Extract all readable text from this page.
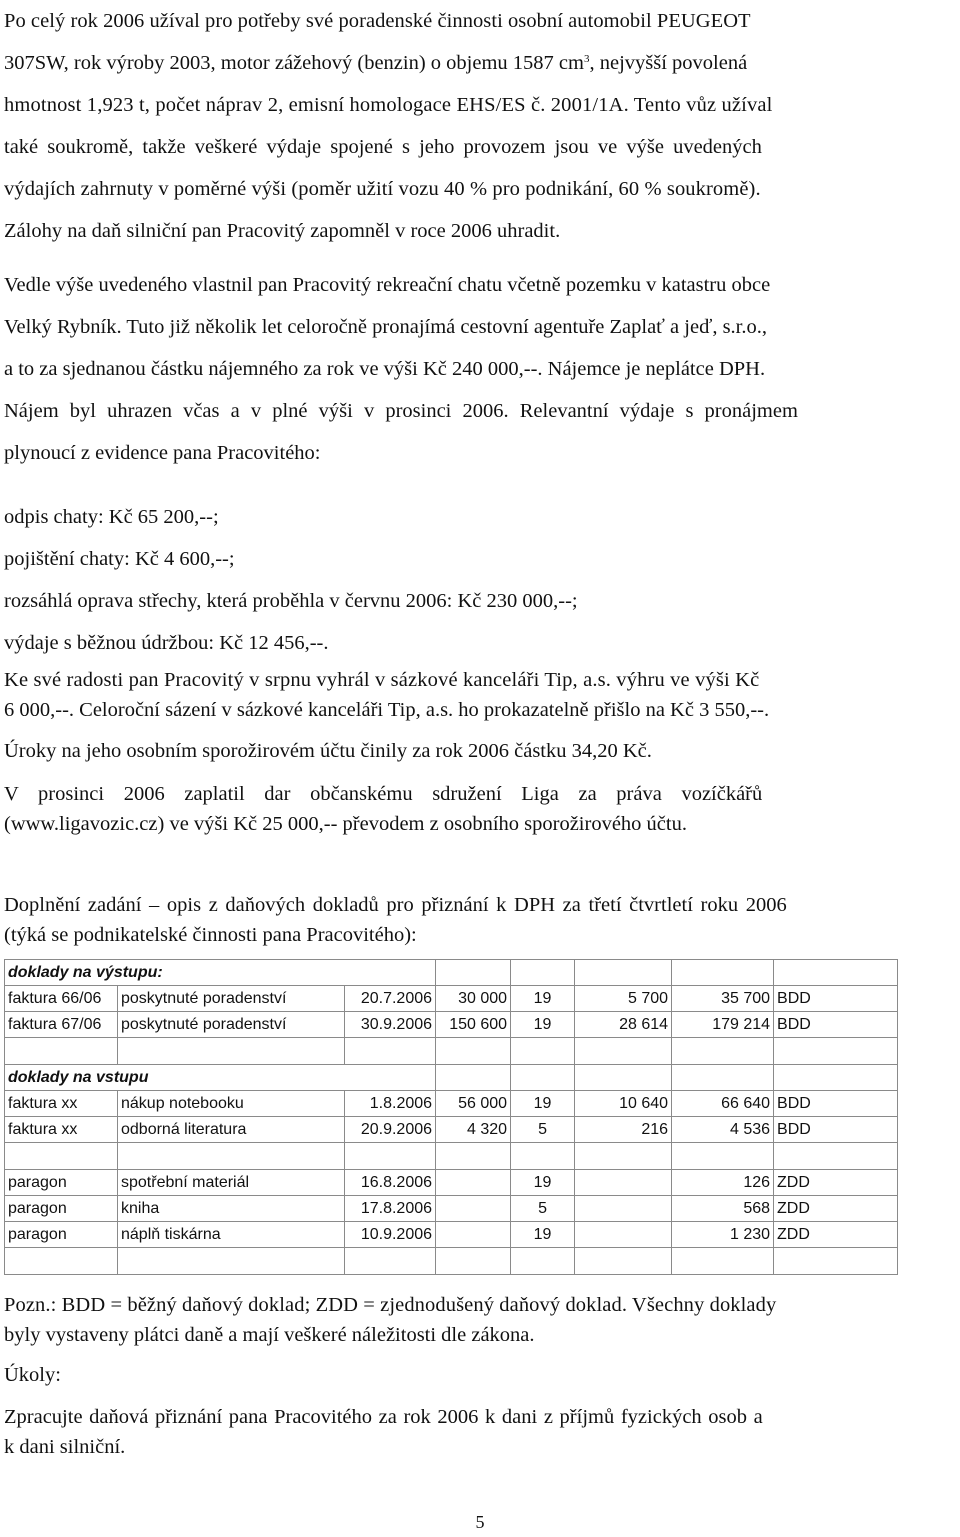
Po celý rok 2006 užíval pro potřeby své poradenské činnosti osobní automobil PEUGEOT

307SW, rok výroby 2003, motor zážehový (benzin) o objemu 1587 $cm^3$, nejvyšší povolená

hmotnost 1,923 t, počet náprav 2, emisní homologace EHS/ES č. 2001/1A. Tento vůz užíval

také soukromě, takže veškeré výdaje spojené s jeho provozem jsou ve výše uvedených

výdajích zahrnuty v poměrné výši (poměr užití vozu 40 % pro podnikání, 60 % soukromě).

Zálohy na daň silniční pan Pracovitý zapomněl v roce 2006 uhradit.

Vedle výše uvedeného vlastnil pan Pracovitý rekreační chatu včetně pozemku v katastru obce

Velký Rybník. Tuto již několik let celoročně pronajímá cestovní agentuře Zaplať a jeď, s.r.o.,

a to za sjednanou částku nájemného za rok ve výši Kč 240 000,--. Nájemce je neplátce DPH.

Nájem byl uhrazen včas a v plné výši v prosinci 2006. Relevantní výdaje s pronájmem

plynoucí z evidence pana Pracovitého:

odpis chaty: Kč 65 200,--;

pojištění chaty: Kč 4 600,--;

rozsáhlá oprava střechy, která proběhla v červnu 2006: Kč 230 000,--;

výdaje s běžnou údržbou: Kč 12 456,--.

Ke své radosti pan Pracovitý v srpnu vyhrál v sázkové kanceláři Tip, a.s. výhru ve výši Kč

6 000,--. Celoroční sázení v sázkové kanceláři Tip, a.s. ho prokazatelně přišlo na Kč 3 550,--.

Úroky na jeho osobním sporožirovém účtu činily za rok 2006 částku 34,20 Kč.

V prosinci 2006 zaplatil dar občanskému sdružení Liga za práva vozíčkářů

(www.ligavozic.cz) ve výši Kč 25 000,-- převodem z osobního sporožirového účtu.

Doplnění zadání – opis z daňových dokladů pro přiznání k DPH za třetí čtvrtletí roku 2006

(týká se podnikatelské činnosti pana Pracovitého):

doklady na výstupu:							
faktura 66/06	poskytnuté poradenství	20.7.2006	30 000	19	5 700	35 700	BDD
faktura 67/06	poskytnuté poradenství	30.9.2006	150 600	19	28 614	179 214	BDD

doklady na vstupu							
faktura xx	nákup notebooku	1.8.2006	56 000	19	10 640	66 640	BDD
faktura xx	odborná literatura	20.9.2006	4 320	5	216	4 536	BDD

paragon	spotřební materiál	16.8.2006		19		126	ZDD
paragon	kniha	17.8.2006		5		568	ZDD
paragon	náplň tiskárna	10.9.2006		19		1 230	ZDD

5

Pozn.: BDD = běžný daňový doklad; ZDD = zjednodušený daňový doklad. Všechny doklady

byly vystaveny plátci daně a mají veškeré náležitosti dle zákona.

Úkoly:

Zpracujte daňová přiznání pana Pracovitého za rok 2006 k dani z příjmů fyzických osob a

k dani silniční.
